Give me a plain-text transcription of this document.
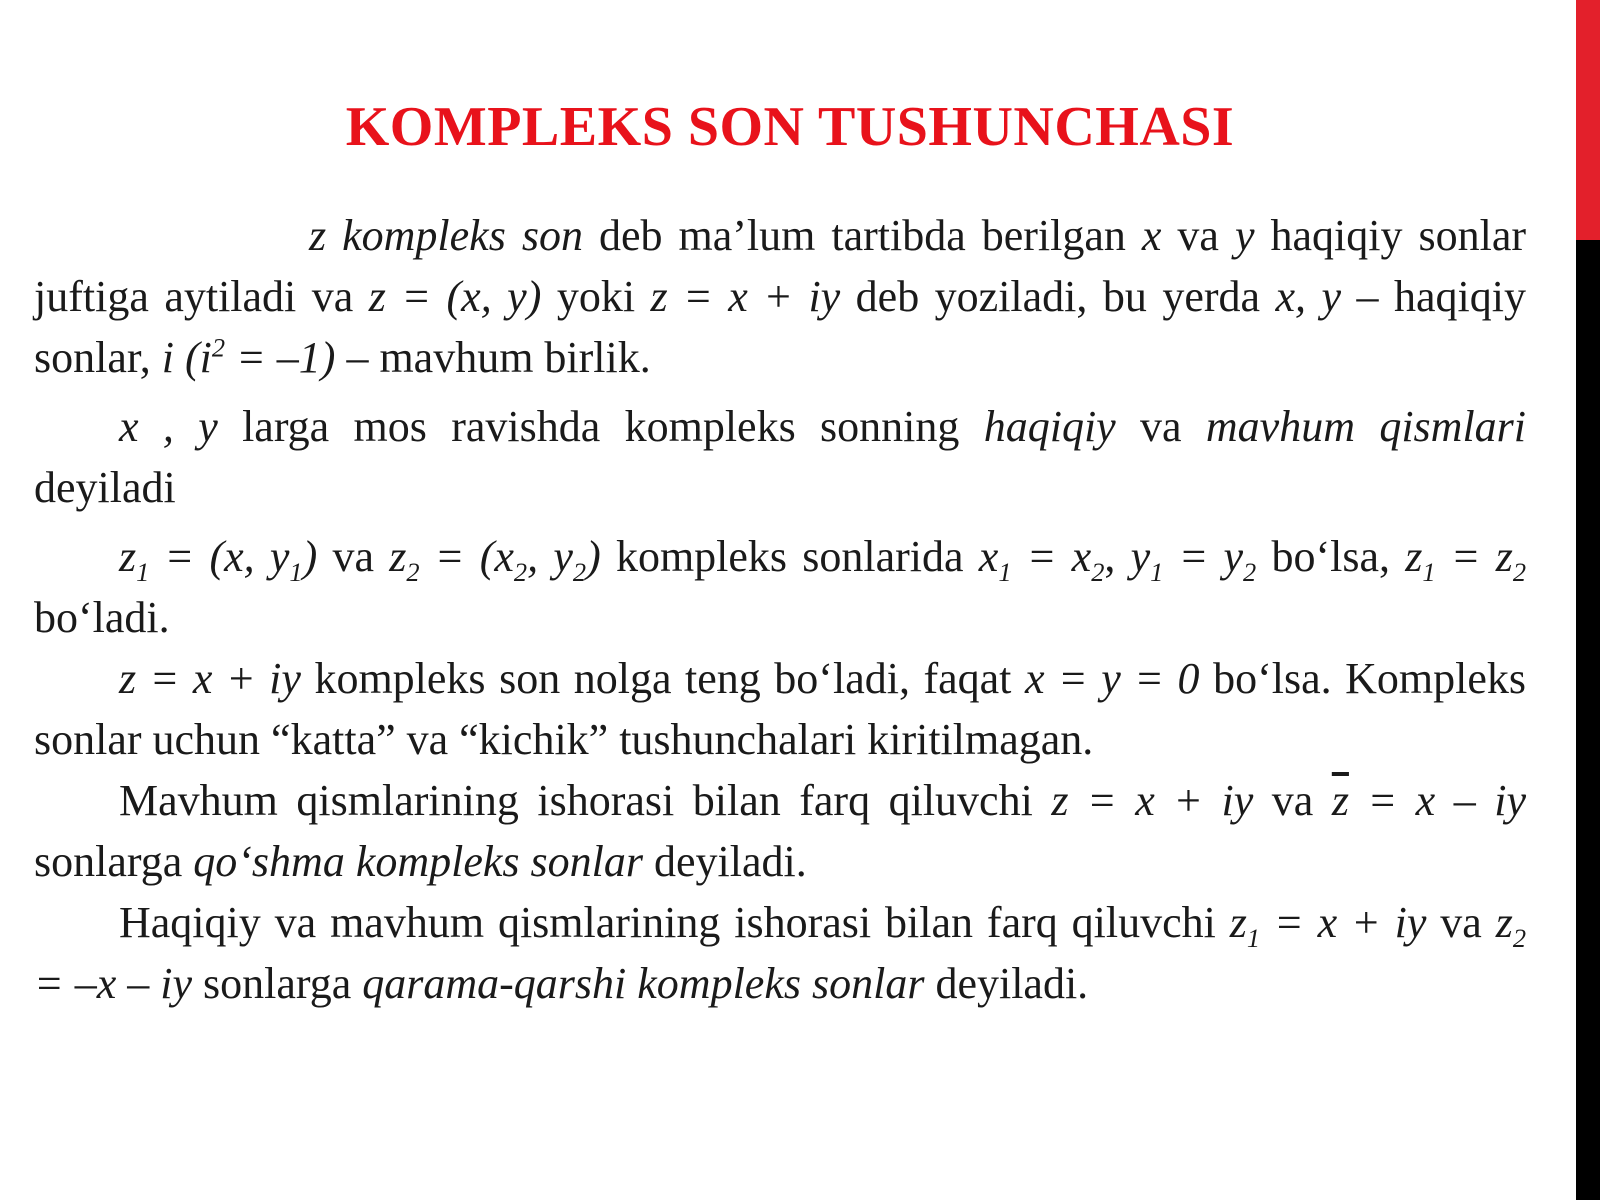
KOMPLEKS SON TUSHUNCHASI

z kompleks son deb ma’lum tartibda berilgan x va y haqiqiy sonlar juftiga aytiladi va z = (x, y) yoki z = x + iy deb yoziladi, bu yerda x, y – haqiqiy sonlar, i $(i^2 = -1)$ – mavhum birlik.

x , y larga mos ravishda kompleks sonning haqiqiy va mavhum qismlari deyiladi

$z_1 = (x$, $y_1$) va $z_2 = (x_2$, $y_2$) kompleks sonlarida $x_1 = x_2$, $y_1 = y_2$ bo‘lsa, $z_1 = z_2$ bo‘ladi.

z = x + iy kompleks son nolga teng bo‘ladi, faqat x = y = 0 bo‘lsa. Kompleks sonlar uchun “katta” va “kichik” tushunchalari kiritilmagan.

Mavhum qismlarining ishorasi bilan farq qiluvchi z = x + iy va $\overline{z} = x$ – iy sonlarga qo‘shma kompleks sonlar deyiladi.

Haqiqiy va mavhum qismlarining ishorasi bilan farq qiluvchi $z_1 = x$ + iy va $z_2 = -x$ – iy sonlarga qarama-qarshi kompleks sonlar deyiladi.
